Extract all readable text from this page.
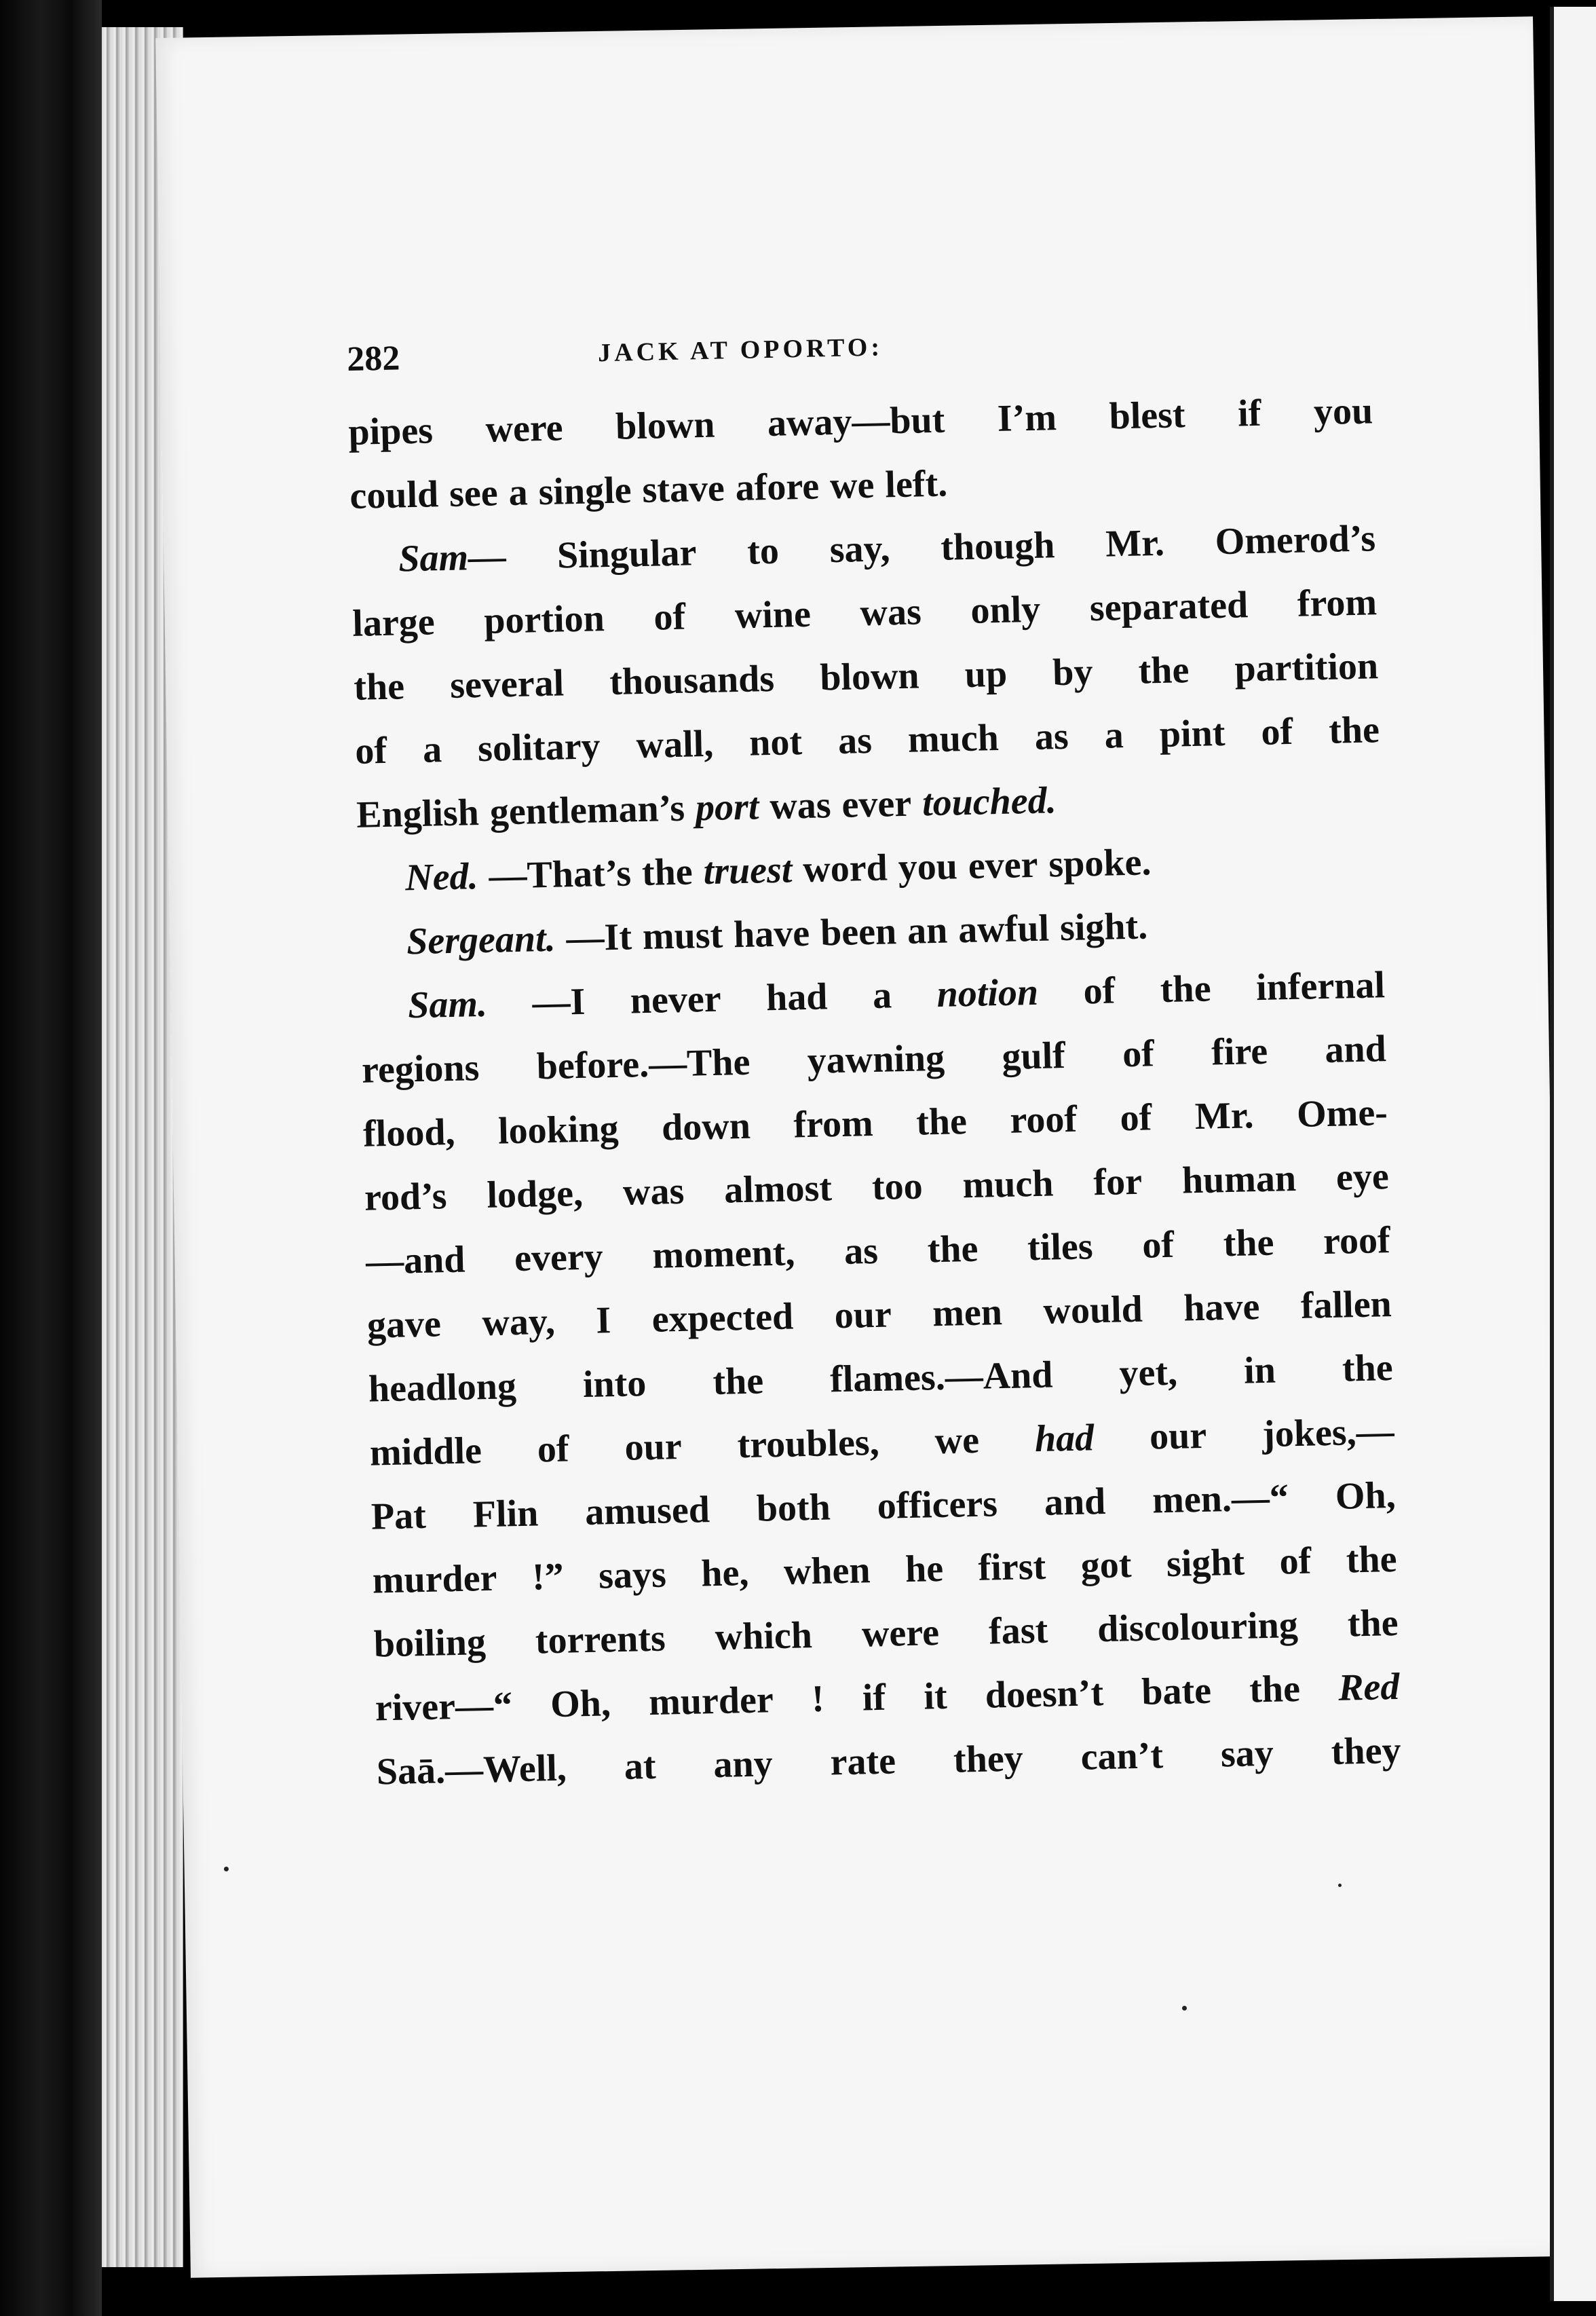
282	JACK AT OPORTO:
pipes were blown away—but I’m blest if you
could see a single stave afore we left.
Sam— Singular to say, though Mr. Omerod’s
large portion of wine was only separated from
the several thousands blown up by the partition
of a solitary wall, not as much as a pint of the
English gentleman’s port was ever touched.
Ned. —That’s the truest word you ever spoke.
Sergeant. —It must have been an awful sight.
Sam. —I never had a notion of the infernal
regions before.—The yawning gulf of fire and
flood, looking down from the roof of Mr. Ome-
rod’s lodge, was almost too much for human eye
—and every moment, as the tiles of the roof
gave way, I expected our men would have fallen
headlong into the flames.—And yet, in the
middle of our troubles, we had our jokes,—
Pat Flin amused both officers and men.—“ Oh,
murder !” says he, when he first got sight of the
boiling torrents which were fast discolouring the
river—“ Oh, murder ! if it doesn’t bate the Red
Saā.—Well, at any rate they can’t say they
